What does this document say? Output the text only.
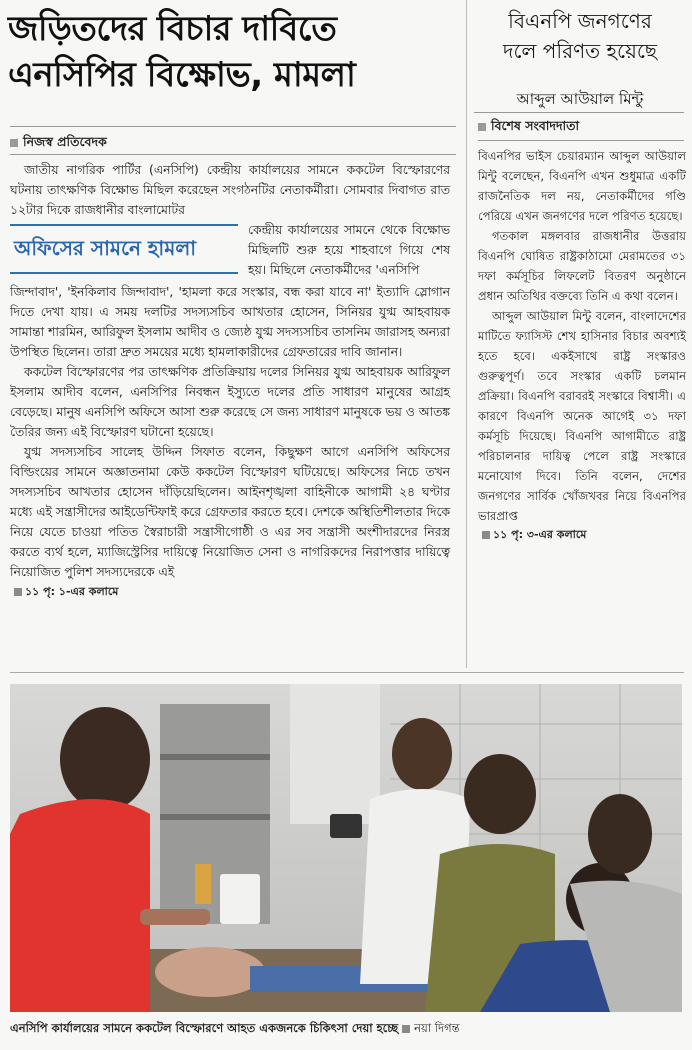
জড়িতদের বিচার দাবিতে
এনসিপির বিক্ষোভ, মামলা
নিজস্ব প্রতিবেদক

জাতীয় নাগরিক পার্টির (এনসিপি) কেন্দ্রীয় কার্যালয়ের সামনে ককটেল বিস্ফোরণের ঘটনায় তাৎক্ষণিক বিক্ষোভ মিছিল করেছেন সংগঠনটির নেতাকর্মীরা। সোমবার দিবাগত রাত ১২টার দিকে রাজধানীর বাংলামোটর

অফিসের সামনে হামলা

কেন্দ্রীয় কার্যালয়ের সামনে থেকে বিক্ষোভ মিছিলটি শুরু হয়ে শাহবাগে গিয়ে শেষ হয়। মিছিলে নেতাকর্মীদের 'এনসিপি

জিন্দাবাদ', 'ইনকিলাব জিন্দাবাদ', 'হামলা করে সংস্কার, বন্ধ করা যাবে না' ইত্যাদি স্লোগান দিতে দেখা যায়। এ সময় দলটির সদস্যসচিব আখতার হোসেন, সিনিয়র যুগ্ম আহবায়ক সামান্তা শারমিন, আরিফুল ইসলাম আদীব ও জ্যেষ্ঠ যুগ্ম সদস্যসচিব তাসনিম জারাসহ অন্যরা উপস্থিত ছিলেন। তারা দ্রুত সময়ের মধ্যে হামলাকারীদের গ্রেফতারের দাবি জানান।

ককটেল বিস্ফোরণের পর তাৎক্ষণিক প্রতিক্রিয়ায় দলের সিনিয়র যুগ্ম আহবায়ক আরিফুল ইসলাম আদীব বলেন, এনসিপির নিবন্ধন ইস্যুতে দলের প্রতি সাধারণ মানুষের আগ্রহ বেড়েছে। মানুষ এনসিপি অফিসে আসা শুরু করেছে সে জন্য সাধারণ মানুষকে ভয় ও আতঙ্ক তৈরির জন্য এই বিস্ফোরণ ঘটানো হয়েছে।

যুগ্ম সদস্যসচিব সালেহ উদ্দিন সিফাত বলেন, কিছুক্ষণ আগে এনসিপি অফিসের বিল্ডিংয়ের সামনে অজ্ঞাতনামা কেউ ককটেল বিস্ফোরণ ঘটিয়েছে। অফিসের নিচে তখন সদস্যসচিব আখতার হোসেন দাঁড়িয়েছিলেন। আইনশৃঙ্খলা বাহিনীকে আগামী ২৪ ঘণ্টার মধ্যে এই সন্ত্রাসীদের আইডেন্টিফাই করে গ্রেফতার করতে হবে। দেশকে অস্থিতিশীলতার দিকে নিয়ে যেতে চাওয়া পতিত স্বৈরাচারী সন্ত্রাসীগোষ্ঠী ও এর সব সন্ত্রাসী অংশীদারদের নিরস্ত্র করতে ব্যর্থ হলে, ম্যাজিস্ট্রেসির দায়িত্বে নিয়োজিত সেনা ও নাগরিকদের নিরাপত্তার দায়িত্বে নিয়োজিত পুলিশ সদস্যদেরকে এই

১১ পৃ: ১-এর কলামে
বিএনপি জনগণের
দলে পরিণত হয়েছে
আব্দুল আউয়াল মিন্টু
বিশেষ সংবাদদাতা

বিএনপির ভাইস চেয়ারম্যান আব্দুল আউয়াল মিন্টু বলেছেন, বিএনপি এখন শুধুমাত্র একটি রাজনৈতিক দল নয়, নেতাকর্মীদের গণ্ডি পেরিয়ে এখন জনগণের দলে পরিণত হয়েছে।

গতকাল মঙ্গলবার রাজধানীর উত্তরায় বিএনপি ঘোষিত রাষ্ট্রকাঠামো মেরামতের ৩১ দফা কর্মসূচির লিফলেট বিতরণ অনুষ্ঠানে প্রধান অতিথির বক্তব্যে তিনি এ কথা বলেন।

আব্দুল আউয়াল মিন্টু বলেন, বাংলাদেশের মাটিতে ফ্যাসিস্ট শেখ হাসিনার বিচার অবশ্যই হতে হবে। একইসাথে রাষ্ট্র সংস্কারও গুরুত্বপূর্ণ। তবে সংস্কার একটি চলমান প্রক্রিয়া। বিএনপি বরাবরই সংস্কারে বিশ্বাসী। এ কারণে বিএনপি অনেক আগেই ৩১ দফা কর্মসূচি দিয়েছে। বিএনপি আগামীতে রাষ্ট্র পরিচালনার দায়িত্ব পেলে রাষ্ট্র সংস্কারে মনোযোগ দিবে। তিনি বলেন, দেশের জনগণের সার্বিক খোঁজখবর নিয়ে বিএনপির ভারপ্রাপ্ত

১১ পৃ: ৩-এর কলামে
এনসিপি কার্যালয়ের সামনে ককটেল বিস্ফোরণে আহত একজনকে চিকিৎসা দেয়া হচ্ছে নয়া দিগন্ত
